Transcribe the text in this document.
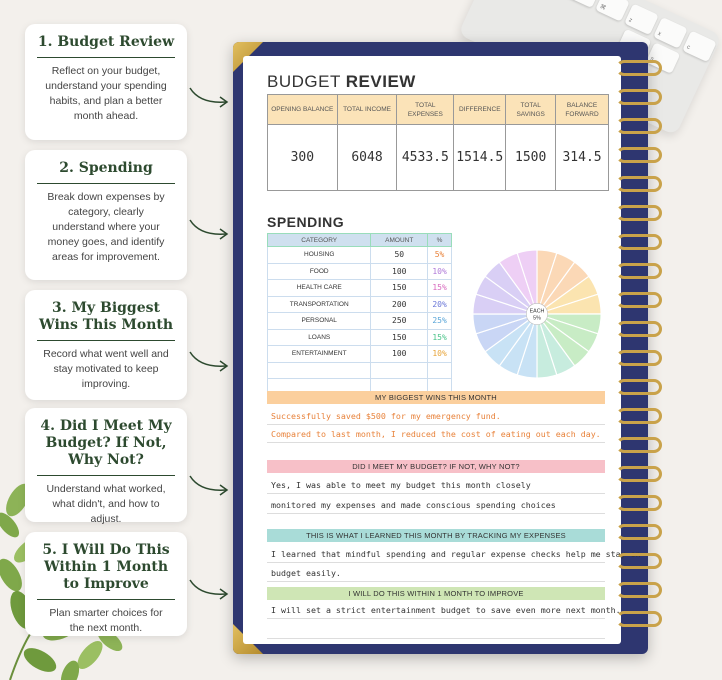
⌘
z
x
c
s
1. Budget Review

Reflect on your budget, understand your spending habits, and plan a better month ahead.

2. Spending

Break down expenses by category, clearly understand where your money goes, and identify areas for improvement.

3. My Biggest Wins This Month

Record what went well and stay motivated to keep improving.

4. Did I Meet My Budget? If Not, Why Not?

Understand what worked, what didn't, and how to adjust.

5. I Will Do This Within 1 Month to Improve

Plan smarter choices for the next month.

BUDGET REVIEW
OPENING BALANCE	TOTAL INCOME	TOTAL EXPENSES	DIFFERENCE	TOTAL SAVINGS	BALANCE FORWARD
300	6048	4533.5	1514.5	1500	314.5
SPENDING
CATEGORY	AMOUNT	%
HOUSING	50	5%
FOOD	100	10%
HEALTH CARE	150	15%
TRANSPORTATION	200	20%
PERSONAL	250	25%
LOANS	150	15%
ENTERTAINMENT	100	10%

EACH
5%
MY BIGGEST WINS THIS MONTH
Successfully saved $500 for my emergency fund.
Compared to last month, I reduced the cost of eating out each day.
DID I MEET MY BUDGET? IF NOT, WHY NOT?
Yes, I was able to meet my budget this month closely
monitored my expenses and made conscious spending choices
THIS IS WHAT I LEARNED THIS MONTH BY TRACKING MY EXPENSES
I learned that mindful spending and regular expense checks help me stay on
budget easily.
I WILL DO THIS WITHIN 1 MONTH TO IMPROVE
I will set a strict entertainment budget to save even more next month.
